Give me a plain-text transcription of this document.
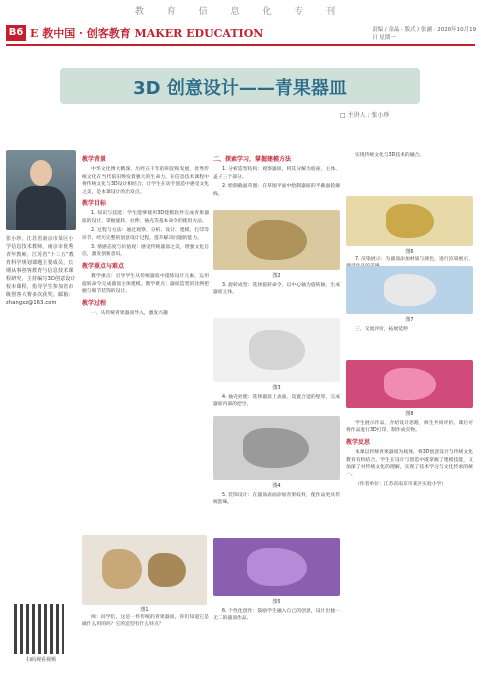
教 育 信 息 化 专 刊
B6 E 教中国 · 创客教育 MAKER EDUCATION	责编 / 金晶 · 版式 / 张涵 · 2020年10月19日 星期一
3D 创意设计——青果器皿
□ 主讲人 : 张小珍
张小珍，江苏省南京市某区小学信息技术教师，南京市优秀青年教师，江苏省“十三五”教育科学规划课题主要成员，长期从事创客教育与信息技术课程研究，主持编写3D创意设计校本课程，指导学生参加省市级创客大赛多次获奖。邮箱：zhangxz@163.com
扫码观看视频
教学背景

中华文化博大精深，历经五千年的积淀和发展，优秀传统文化在当代依旧焕发着强大的生命力。在信息技术课程中将传统文化与3D设计相结合，让学生在动手创造中感受文化之美，是本课设计的出发点。

教学目标

1. 知识与技能：学生能够使用3D建模软件完成青果器皿的设计，掌握旋转、拉伸、抽壳等基本命令的使用方法。

2. 过程与方法：通过观察、分析、设计、建模、打印等环节，经历完整的创意设计过程，提升解决问题的能力。

3. 情感态度与价值观：感受传统器皿之美，增强文化自信，激发创新意识。

教学重点与难点

教学重点：引导学生从传统器皿中提炼设计元素，运用旋转命令完成器皿主体建模。教学难点：器皿造型的比例把握与细节装饰的设计。

教学过程

一、从传统青果器皿导入，激发兴趣

图1

师：同学们，这是一件传统的青果器皿，你们知道它是做什么用的吗？它的造型有什么特点？

二、探索学习，掌握建模方法

1. 分析造型结构：观察器皿，将其分解为底座、主体、盖子三个部分。

2. 绘制截面草图：在草图平面中绘制器皿的半截面轮廓线。

图2

3. 旋转成型：选择旋转命令，以中心轴为旋转轴，生成器皿主体。

图3

4. 抽壳处理：选择器皿上表面，设置合适的壁厚，完成器皿内部的挖空。

图4

5. 装饰设计：在器皿表面添加青果纹样，使作品更具传统韵味。

图5

6. 个性化创作：鼓励学生融入自己的创意，设计出独一无二的器皿作品。

实现传统文化与3D技术的融合。

图6

7. 渲染展示：为器皿添加材质与颜色，进行渲染展示，

图7

三、交流评价，拓展延伸

图8

学生展示作品，介绍设计思路，师生共同评价。课后可将作品进行3D打印，制作成实物。

教学反思

本课以传统青果器皿为载体，将3D创意设计与传统文化教育有机结合，学生在设计与创造中既掌握了建模技能，又加深了对传统文化的理解，实现了技术学习与文化传承的统一。

（作者单位：江苏省南京市某区实验小学）
